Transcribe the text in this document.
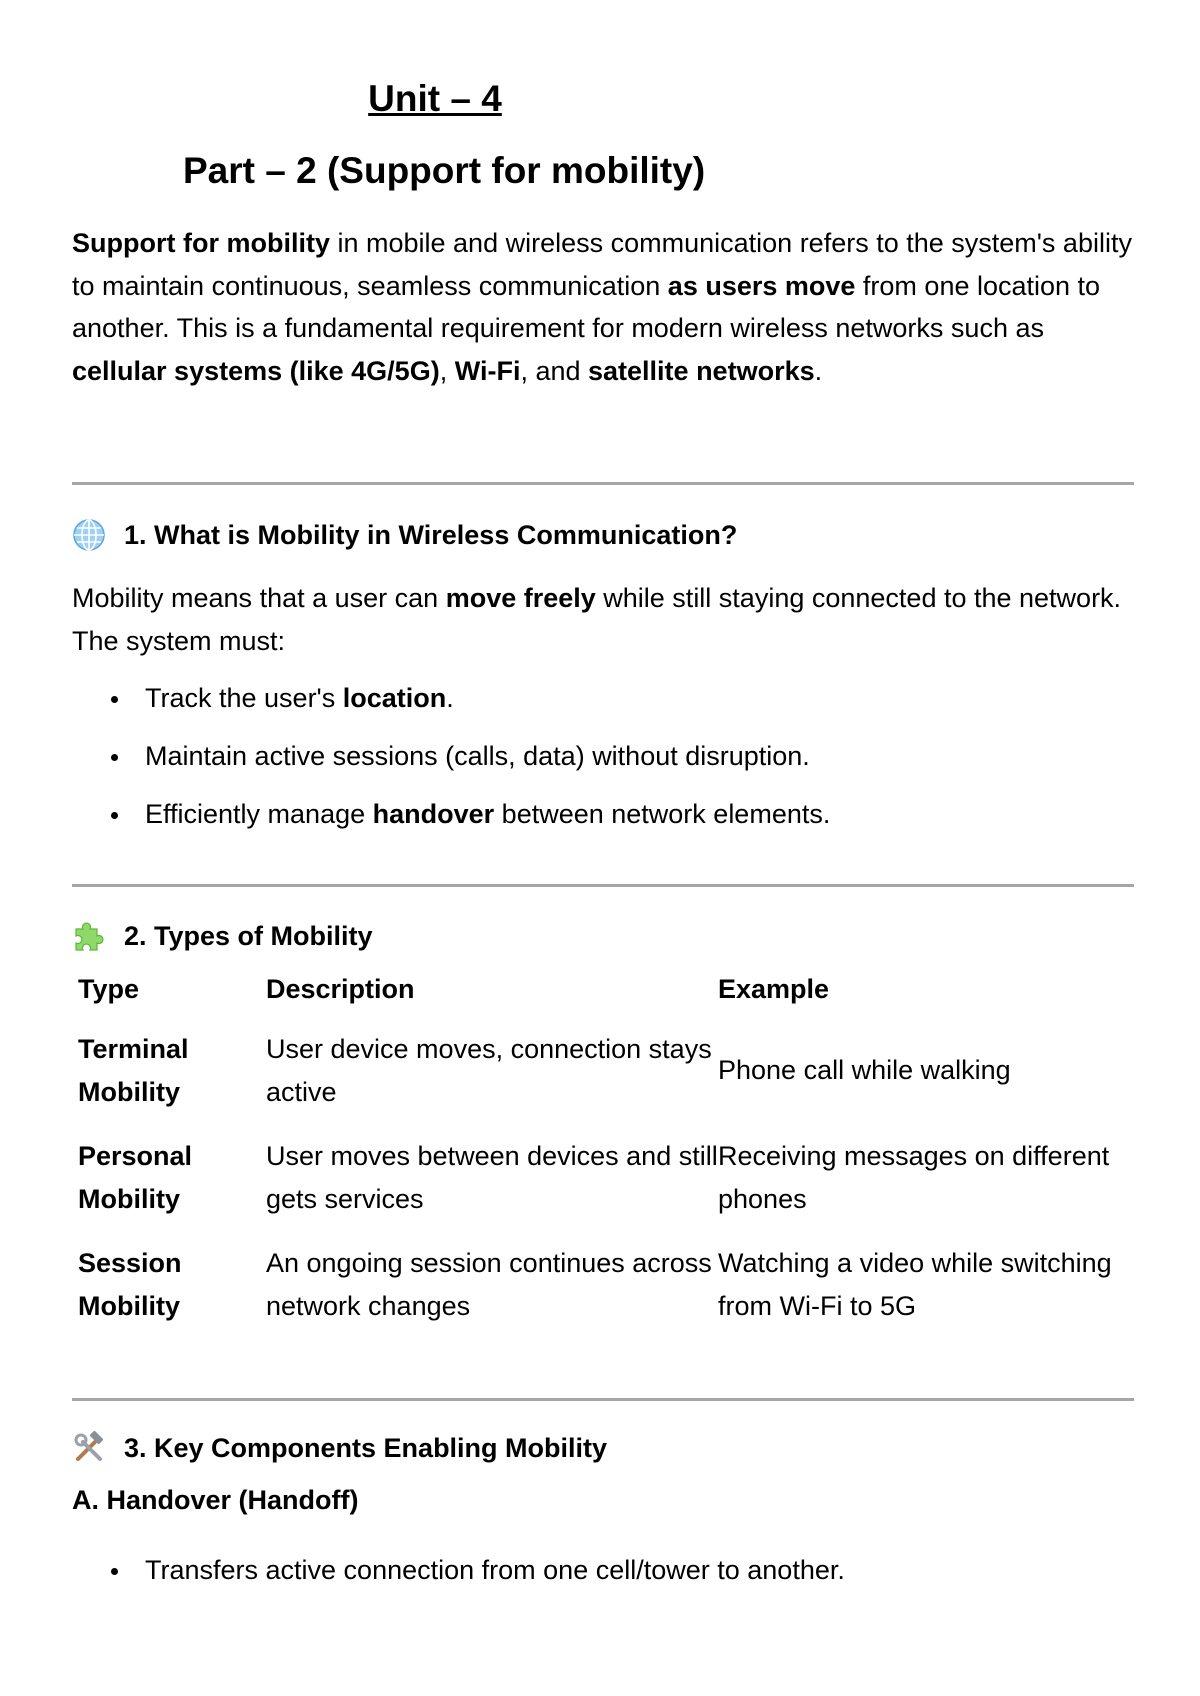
Unit – 4
Part – 2 (Support for mobility)

Support for mobility in mobile and wireless communication refers to the system's ability to maintain continuous, seamless communication as users move from one location to another. This is a fundamental requirement for modern wireless networks such as cellular systems (like 4G/5G), Wi-Fi, and satellite networks.

1. What is Mobility in Wireless Communication?

Mobility means that a user can move freely while still staying connected to the network. The system must:

Track the user's location.
Maintain active sessions (calls, data) without disruption.
Efficiently manage handover between network elements.
2. Types of Mobility
Type	Description	Example
Terminal Mobility	User device moves, connection stays active	Phone call while walking
Personal Mobility	User moves between devices and still gets services	Receiving messages on different phones
Session Mobility	An ongoing session continues across network changes	Watching a video while switching from Wi-Fi to 5G
3. Key Components Enabling Mobility
A. Handover (Handoff)
Transfers active connection from one cell/tower to another.
